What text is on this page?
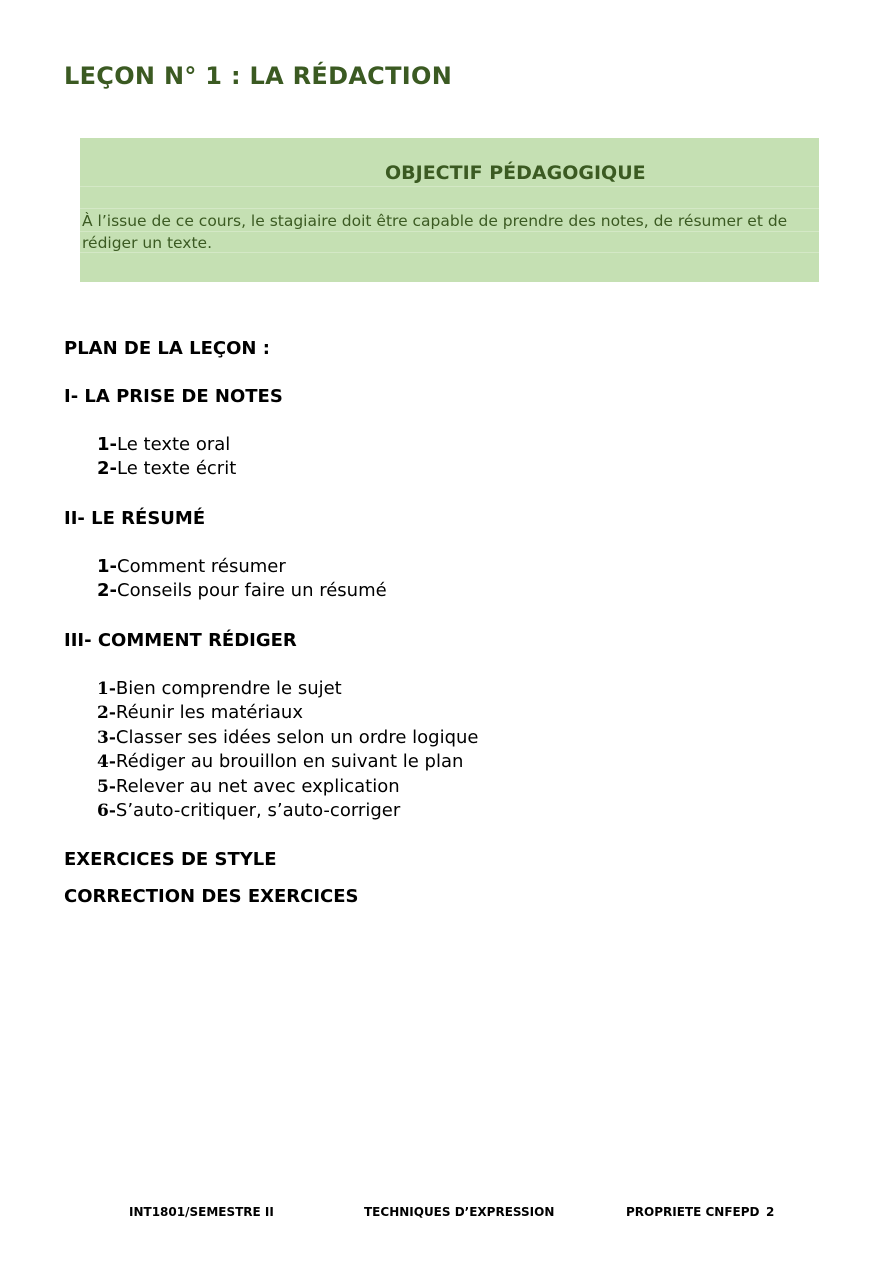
LEÇON N° 1 : LA RÉDACTION
OBJECTIF PÉDAGOGIQUE
À l’issue de ce cours, le stagiaire doit être capable de prendre des notes, de résumer et de rédiger un texte.
PLAN DE LA LEÇON :
I- LA PRISE DE NOTES
1-Le texte oral
2-Le texte écrit
II- LE RÉSUMÉ
1-Comment résumer
2-Conseils pour faire un résumé
III- COMMENT RÉDIGER
1-Bien comprendre le sujet
2-Réunir les matériaux
3-Classer ses idées selon un ordre logique
4-Rédiger au brouillon en suivant le plan
5-Relever au net avec explication
6-S’auto-critiquer, s’auto-corriger
EXERCICES DE STYLE
CORRECTION DES EXERCICES
INT1801/SEMESTRE II	TECHNIQUES D’EXPRESSION	PROPRIETE CNFEPD 2
